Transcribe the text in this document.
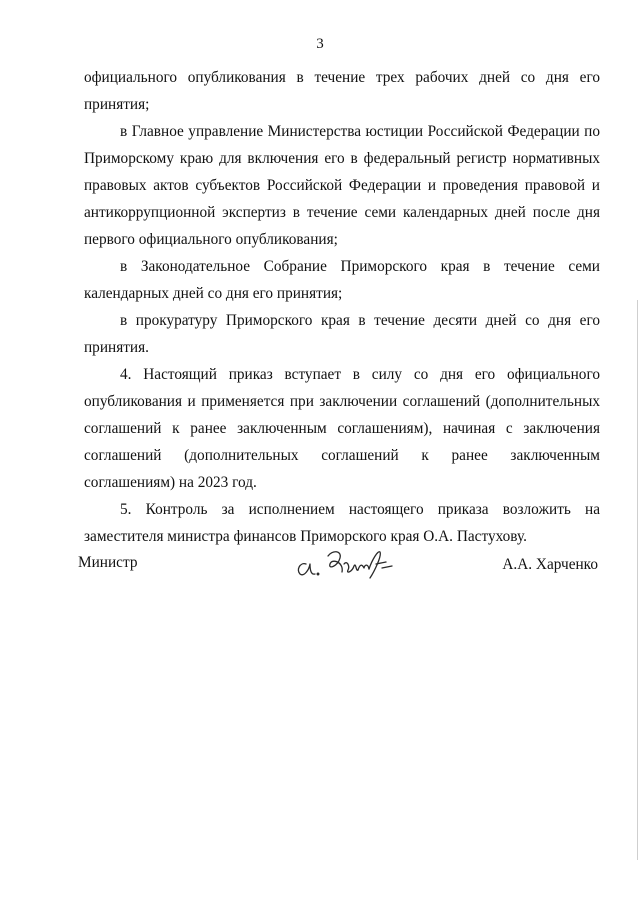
3

официального опубликования в течение трех рабочих дней со дня его принятия;

в Главное управление Министерства юстиции Российской Федерации по Приморскому краю для включения его в федеральный регистр нормативных правовых актов субъектов Российской Федерации и проведения правовой и антикоррупционной экспертиз в течение семи календарных дней после дня первого официального опубликования;

в Законодательное Собрание Приморского края в течение семи календарных дней со дня его принятия;

в прокуратуру Приморского края в течение десяти дней со дня его принятия.

4. Настоящий приказ вступает в силу со дня его официального опубликования и применяется при заключении соглашений (дополнительных соглашений к ранее заключенным соглашениям), начиная с заключения соглашений (дополнительных соглашений к ранее заключенным соглашениям) на 2023 год.

5. Контроль за исполнением настоящего приказа возложить на заместителя министра финансов Приморского края О.А. Пастухову.

Министр	А.А. Харченко
